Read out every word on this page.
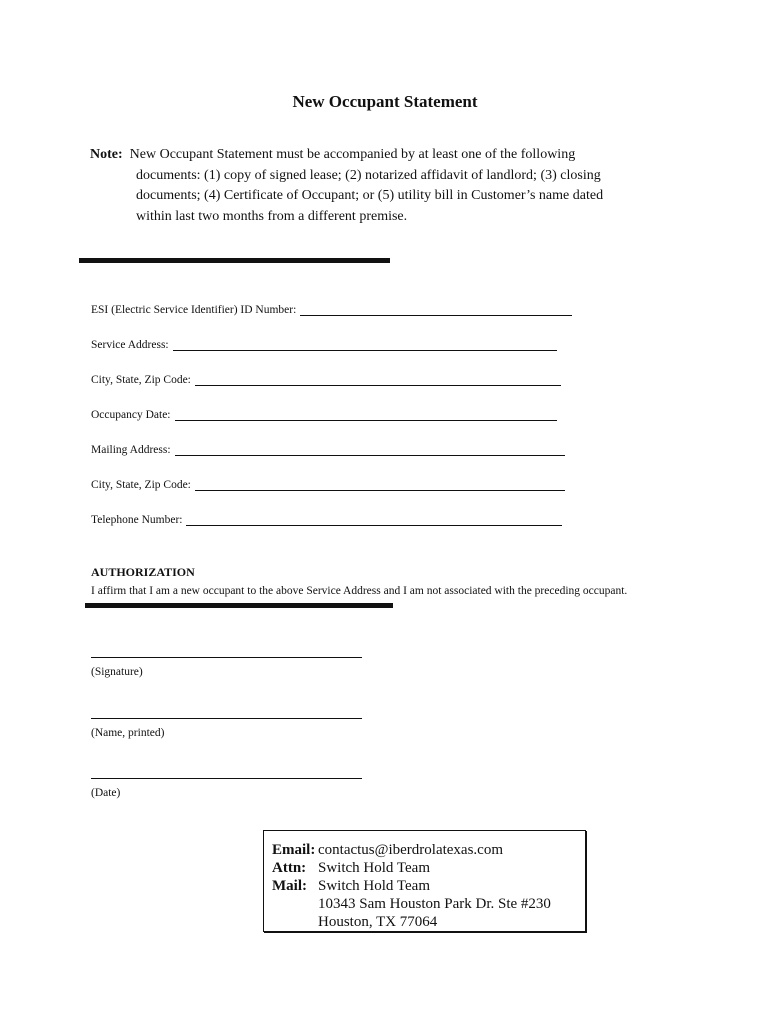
New Occupant Statement
Note: New Occupant Statement must be accompanied by at least one of the following
documents: (1) copy of signed lease; (2) notarized affidavit of landlord; (3) closing
documents; (4) Certificate of Occupant; or (5) utility bill in Customer’s name dated
within last two months from a different premise.
ESI (Electric Service Identifier) ID Number:
Service Address:
City, State, Zip Code:
Occupancy Date:
Mailing Address:
City, State, Zip Code:
Telephone Number:
AUTHORIZATION
I affirm that I am a new occupant to the above Service Address and I am not associated with the preceding occupant.
(Signature)
(Name, printed)
(Date)
Email: contactus@iberdrolatexas.com
Attn: Switch Hold Team
Mail: Switch Hold Team
10343 Sam Houston Park Dr. Ste #230
Houston, TX 77064
